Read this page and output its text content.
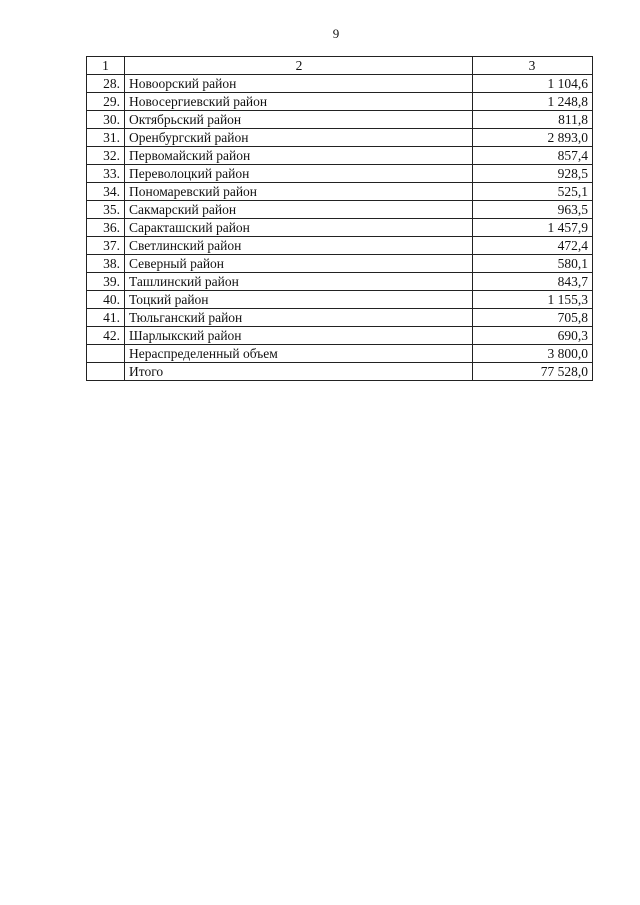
9
1	2	3
28.	Новоорский район	1 104,6
29.	Новосергиевский район	1 248,8
30.	Октябрьский район	811,8
31.	Оренбургский район	2 893,0
32.	Первомайский район	857,4
33.	Переволоцкий район	928,5
34.	Пономаревский район	525,1
35.	Сакмарский район	963,5
36.	Саракташский район	1 457,9
37.	Светлинский район	472,4
38.	Северный район	580,1
39.	Ташлинский район	843,7
40.	Тоцкий район	1 155,3
41.	Тюльганский район	705,8
42.	Шарлыкский район	690,3
	Нераспределенный объем	3 800,0
	Итого	77 528,0
